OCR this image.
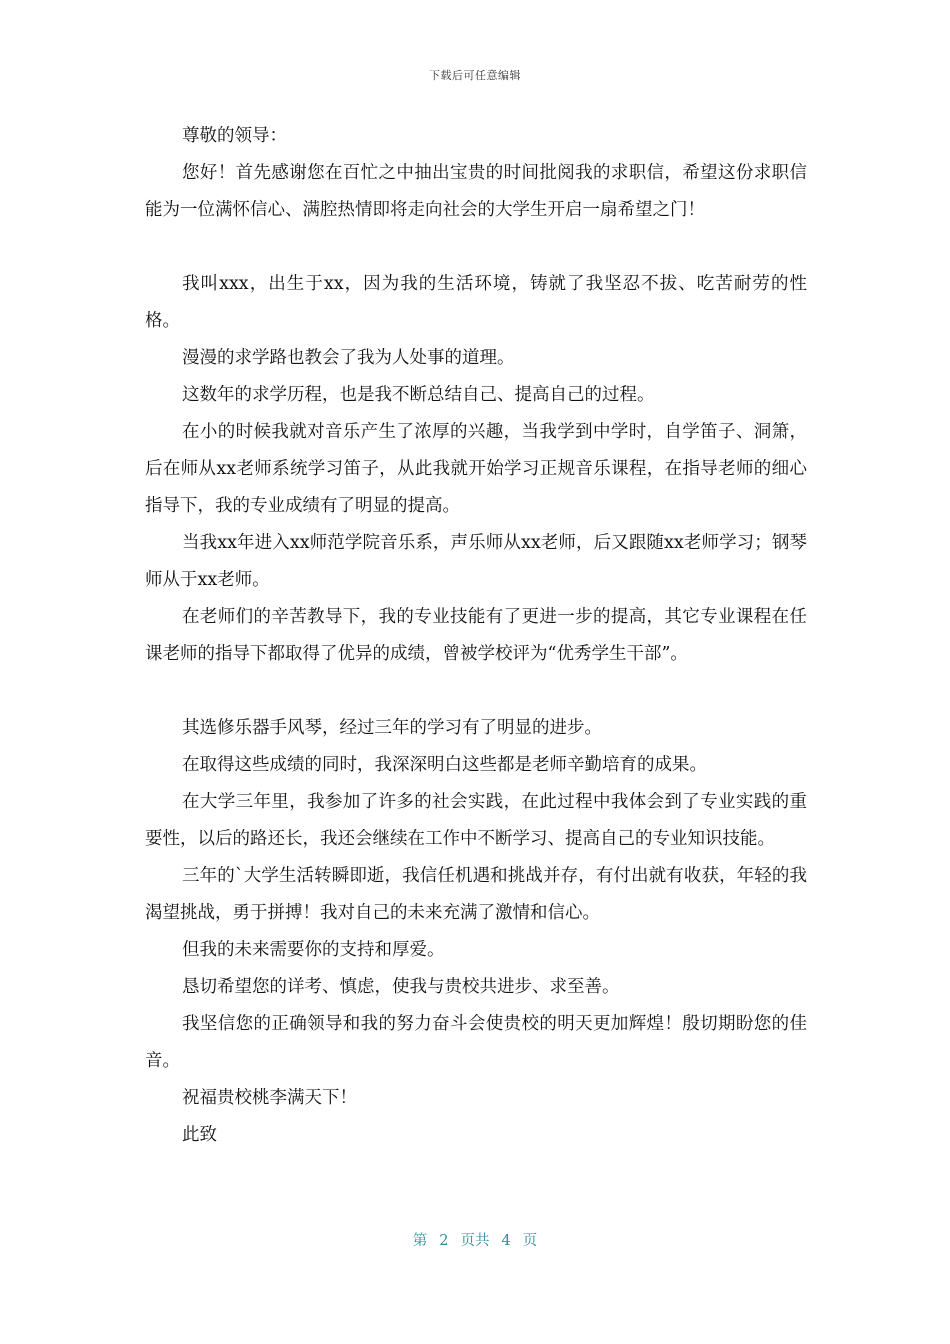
下载后可任意编辑

尊敬的领导：

您好！首先感谢您在百忙之中抽出宝贵的时间批阅我的求职信，希望这份求职信能为一位满怀信心、满腔热情即将走向社会的大学生开启一扇希望之门！

我叫xxx，出生于xx，因为我的生活环境，铸就了我坚忍不拔、吃苦耐劳的性格。

漫漫的求学路也教会了我为人处事的道理。

这数年的求学历程，也是我不断总结自己、提高自己的过程。

在小的时候我就对音乐产生了浓厚的兴趣，当我学到中学时，自学笛子、洞箫，后在师从xx老师系统学习笛子，从此我就开始学习正规音乐课程，在指导老师的细心指导下，我的专业成绩有了明显的提高。

当我xx年进入xx师范学院音乐系，声乐师从xx老师，后又跟随xx老师学习；钢琴师从于xx老师。

在老师们的辛苦教导下，我的专业技能有了更进一步的提高，其它专业课程在任课老师的指导下都取得了优异的成绩，曾被学校评为“优秀学生干部”。

其选修乐器手风琴，经过三年的学习有了明显的进步。

在取得这些成绩的同时，我深深明白这些都是老师辛勤培育的成果。

在大学三年里，我参加了许多的社会实践，在此过程中我体会到了专业实践的重要性，以后的路还长，我还会继续在工作中不断学习、提高自己的专业知识技能。

三年的`大学生活转瞬即逝，我信任机遇和挑战并存，有付出就有收获，年轻的我渴望挑战，勇于拼搏！我对自己的未来充满了激情和信心。

但我的未来需要你的支持和厚爱。

恳切希望您的详考、慎虑，使我与贵校共进步、求至善。

我坚信您的正确领导和我的努力奋斗会使贵校的明天更加辉煌！殷切期盼您的佳音。

祝福贵校桃李满天下！

此致

第 2 页共 4 页
